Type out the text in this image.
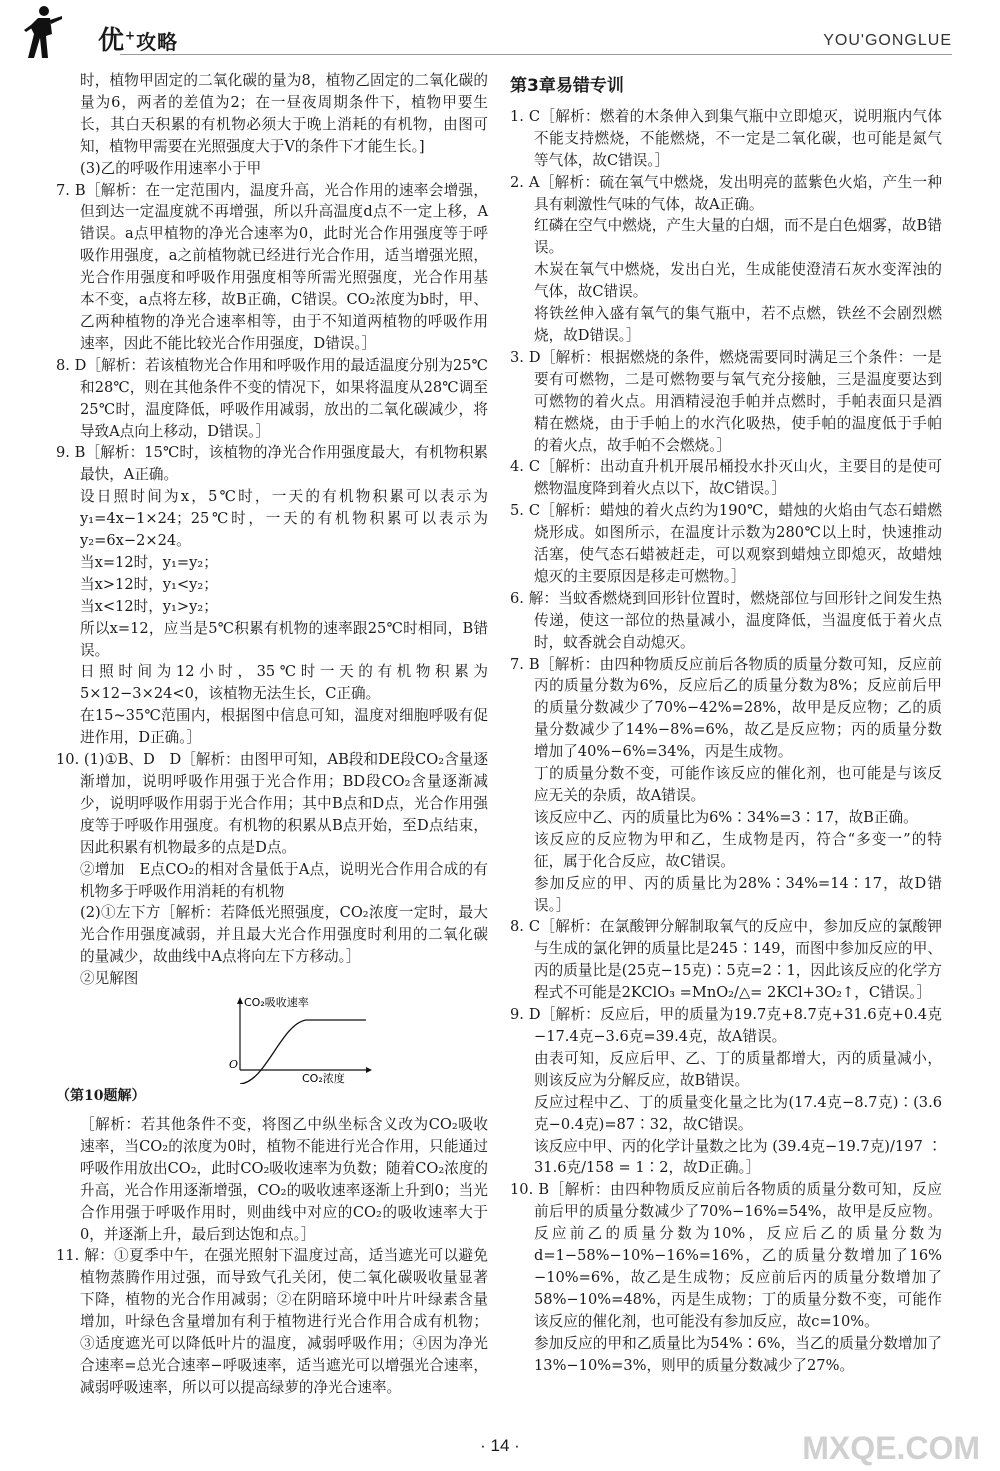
优+攻略	YOU'GONGLUE

时，植物甲固定的二氧化碳的量为8，植物乙固定的二氧化碳的量为6，两者的差值为2；在一昼夜周期条件下，植物甲要生长，其白天积累的有机物必须大于晚上消耗的有机物，由图可知，植物甲需要在光照强度大于V的条件下才能生长。]

(3)乙的呼吸作用速率小于甲

7. B［解析：在一定范围内，温度升高，光合作用的速率会增强，但到达一定温度就不再增强，所以升高温度d点不一定上移，A错误。a点甲植物的净光合速率为0，此时光合作用强度等于呼吸作用强度，a之前植物就已经进行光合作用，适当增强光照，光合作用强度和呼吸作用强度相等所需光照强度，光合作用基本不变，a点将左移，故B正确，C错误。CO₂浓度为b时，甲、乙两种植物的净光合速率相等，由于不知道两植物的呼吸作用速率，因此不能比较光合作用强度，D错误。］

8. D［解析：若该植物光合作用和呼吸作用的最适温度分别为25℃和28℃，则在其他条件不变的情况下，如果将温度从28℃调至25℃时，温度降低，呼吸作用减弱，放出的二氧化碳减少，将导致A点向上移动，D错误。］

9. B［解析：15℃时，该植物的净光合作用强度最大，有机物积累最快，A正确。

设日照时间为x，5℃时，一天的有机物积累可以表示为 y₁=4x−1×24；25℃时，一天的有机物积累可以表示为 y₂=6x−2×24。

当x=12时，y₁=y₂；

当x>12时，y₁<y₂；

当x<12时，y₁>y₂；

所以x=12，应当是5℃积累有机物的速率跟25℃时相同，B错误。

日照时间为12小时，35℃时一天的有机物积累为5×12−3×24<0，该植物无法生长，C正确。

在15~35℃范围内，根据图中信息可知，温度对细胞呼吸有促进作用，D正确。］

10. (1)①B、D　D［解析：由图甲可知，AB段和DE段CO₂含量逐渐增加，说明呼吸作用强于光合作用；BD段CO₂含量逐渐减少，说明呼吸作用弱于光合作用；其中B点和D点，光合作用强度等于呼吸作用强度。有机物的积累从B点开始，至D点结束，因此积累有机物最多的点是D点。

②增加　E点CO₂的相对含量低于A点，说明光合作用合成的有机物多于呼吸作用消耗的有机物

(2)①左下方［解析：若降低光照强度，CO₂浓度一定时，最大光合作用强度减弱，并且最大光合作用强度时利用的二氧化碳的量减少，故曲线中A点将向左下方移动。］

②见解图

CO₂吸收速率
CO₂浓度
O

（第10题解）

［解析：若其他条件不变，将图乙中纵坐标含义改为CO₂吸收速率，当CO₂的浓度为0时，植物不能进行光合作用，只能通过呼吸作用放出CO₂，此时CO₂吸收速率为负数；随着CO₂浓度的升高，光合作用逐渐增强，CO₂的吸收速率逐渐上升到0；当光合作用强于呼吸作用时，则曲线中对应的CO₂的吸收速率大于0，并逐渐上升，最后到达饱和点。］

11. 解：①夏季中午，在强光照射下温度过高，适当遮光可以避免植物蒸腾作用过强，而导致气孔关闭，使二氧化碳吸收量显著下降，植物的光合作用减弱；②在阴暗环境中叶片叶绿素含量增加，叶绿色含量增加有利于植物进行光合作用合成有机物；③适度遮光可以降低叶片的温度，减弱呼吸作用；④因为净光合速率=总光合速率−呼吸速率，适当遮光可以增强光合速率，减弱呼吸速率，所以可以提高绿萝的净光合速率。

第3章易错专训

1. C［解析：燃着的木条伸入到集气瓶中立即熄灭，说明瓶内气体不能支持燃烧，不能燃烧，不一定是二氧化碳，也可能是氮气等气体，故C错误。］

2. A［解析：硫在氧气中燃烧，发出明亮的蓝紫色火焰，产生一种具有刺激性气味的气体，故A正确。

红磷在空气中燃烧，产生大量的白烟，而不是白色烟雾，故B错误。

木炭在氧气中燃烧，发出白光，生成能使澄清石灰水变浑浊的气体，故C错误。

将铁丝伸入盛有氧气的集气瓶中，若不点燃，铁丝不会剧烈燃烧，故D错误。］

3. D［解析：根据燃烧的条件，燃烧需要同时满足三个条件：一是要有可燃物，二是可燃物要与氧气充分接触，三是温度要达到可燃物的着火点。用酒精浸泡手帕并点燃时，手帕表面只是酒精在燃烧，由于手帕上的水汽化吸热，使手帕的温度低于手帕的着火点，故手帕不会燃烧。］

4. C［解析：出动直升机开展吊桶投水扑灭山火，主要目的是使可燃物温度降到着火点以下，故C错误。］

5. C［解析：蜡烛的着火点约为190℃，蜡烛的火焰由气态石蜡燃烧形成。如图所示，在温度计示数为280℃以上时，快速推动活塞，使气态石蜡被赶走，可以观察到蜡烛立即熄灭，故蜡烛熄灭的主要原因是移走可燃物。］

6. 解：当蚊香燃烧到回形针位置时，燃烧部位与回形针之间发生热传递，使这一部位的热量减小，温度降低，当温度低于着火点时，蚊香就会自动熄灭。

7. B［解析：由四种物质反应前后各物质的质量分数可知，反应前丙的质量分数为6%，反应后乙的质量分数为8%；反应前后甲的质量分数减少了70%−42%=28%，故甲是反应物；乙的质量分数减少了14%−8%=6%，故乙是反应物；丙的质量分数增加了40%−6%=34%，丙是生成物。

丁的质量分数不变，可能作该反应的催化剂，也可能是与该反应无关的杂质，故A错误。

该反应中乙、丙的质量比为6%∶34%=3∶17，故B正确。

该反应的反应物为甲和乙，生成物是丙，符合“多变一”的特征，属于化合反应，故C错误。

参加反应的甲、丙的质量比为28%∶34%=14∶17，故D错误。］

8. C［解析：在氯酸钾分解制取氧气的反应中，参加反应的氯酸钾与生成的氯化钾的质量比是245∶149，而图中参加反应的甲、丙的质量比是(25克−15克)∶5克=2∶1，因此该反应的化学方程式不可能是2KClO₃ =MnO₂/△= 2KCl+3O₂↑，C错误。］

9. D［解析：反应后，甲的质量为19.7克+8.7克+31.6克+0.4克−17.4克−3.6克=39.4克，故A错误。

由表可知，反应后甲、乙、丁的质量都增大，丙的质量减小，则该反应为分解反应，故B错误。

反应过程中乙、丁的质量变化量之比为(17.4克−8.7克)∶(3.6克−0.4克)=87∶32，故C错误。

该反应中甲、丙的化学计量数之比为 (39.4克−19.7克)/197 ∶ 31.6克/158 = 1∶2，故D正确。］

10. B［解析：由四种物质反应前后各物质的质量分数可知，反应前后甲的质量分数减少了70%−16%=54%，故甲是反应物。反应前乙的质量分数为10%，反应后乙的质量分数为d=1−58%−10%−16%=16%，乙的质量分数增加了16%−10%=6%，故乙是生成物；反应前后丙的质量分数增加了58%−10%=48%，丙是生成物；丁的质量分数不变，可能作该反应的催化剂，也可能没有参加反应，故c=10%。

参加反应的甲和乙质量比为54%∶6%，当乙的质量分数增加了13%−10%=3%，则甲的质量分数减少了27%。

· 14 ·	MXQE.COM
